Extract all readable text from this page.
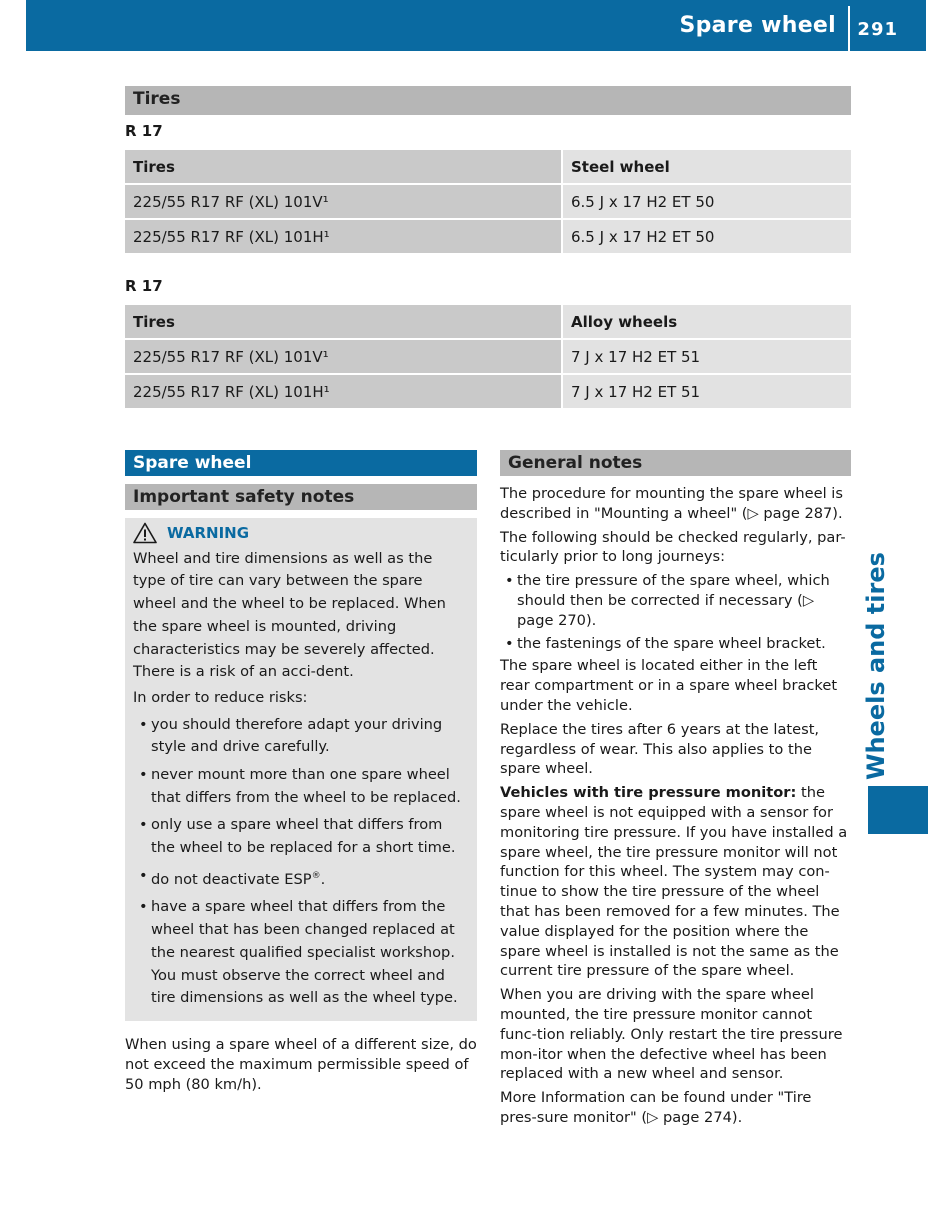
Spare wheel 291
Wheels and tires
Tires
R 17
Tires	Steel wheel
225/55 R17 RF (XL) 101V¹	6.5 J x 17 H2 ET 50
225/55 R17 RF (XL) 101H¹	6.5 J x 17 H2 ET 50
R 17
Tires	Alloy wheels
225/55 R17 RF (XL) 101V¹	7 J x 17 H2 ET 51
225/55 R17 RF (XL) 101H¹	7 J x 17 H2 ET 51
Spare wheel
Important safety notes
WARNING

Wheel and tire dimensions as well as the type of tire can vary between the spare wheel and the wheel to be replaced. When the spare wheel is mounted, driving characteristics may be severely affected. There is a risk of an acci-dent.

In order to reduce risks:

• you should therefore adapt your driving style and drive carefully.
• never mount more than one spare wheel that differs from the wheel to be replaced.
• only use a spare wheel that differs from the wheel to be replaced for a short time.
• do not deactivate ESP®.
• have a spare wheel that differs from the wheel that has been changed replaced at the nearest qualified specialist workshop. You must observe the correct wheel and tire dimensions as well as the wheel type.
When using a spare wheel of a different size, do not exceed the maximum permissible speed of 50 mph (80 km/h).
General notes

The procedure for mounting the spare wheel is described in "Mounting a wheel" (▷ page 287).

The following should be checked regularly, par-ticularly prior to long journeys:

• the tire pressure of the spare wheel, which should then be corrected if necessary (▷ page 270).
• the fastenings of the spare wheel bracket.

The spare wheel is located either in the left rear compartment or in a spare wheel bracket under the vehicle.

Replace the tires after 6 years at the latest, regardless of wear. This also applies to the spare wheel.

Vehicles with tire pressure monitor: the spare wheel is not equipped with a sensor for monitoring tire pressure. If you have installed a spare wheel, the tire pressure monitor will not function for this wheel. The system may con-tinue to show the tire pressure of the wheel that has been removed for a few minutes. The value displayed for the position where the spare wheel is installed is not the same as the current tire pressure of the spare wheel.

When you are driving with the spare wheel mounted, the tire pressure monitor cannot func-tion reliably. Only restart the tire pressure mon-itor when the defective wheel has been replaced with a new wheel and sensor.

More Information can be found under "Tire pres-sure monitor" (▷ page 274).
